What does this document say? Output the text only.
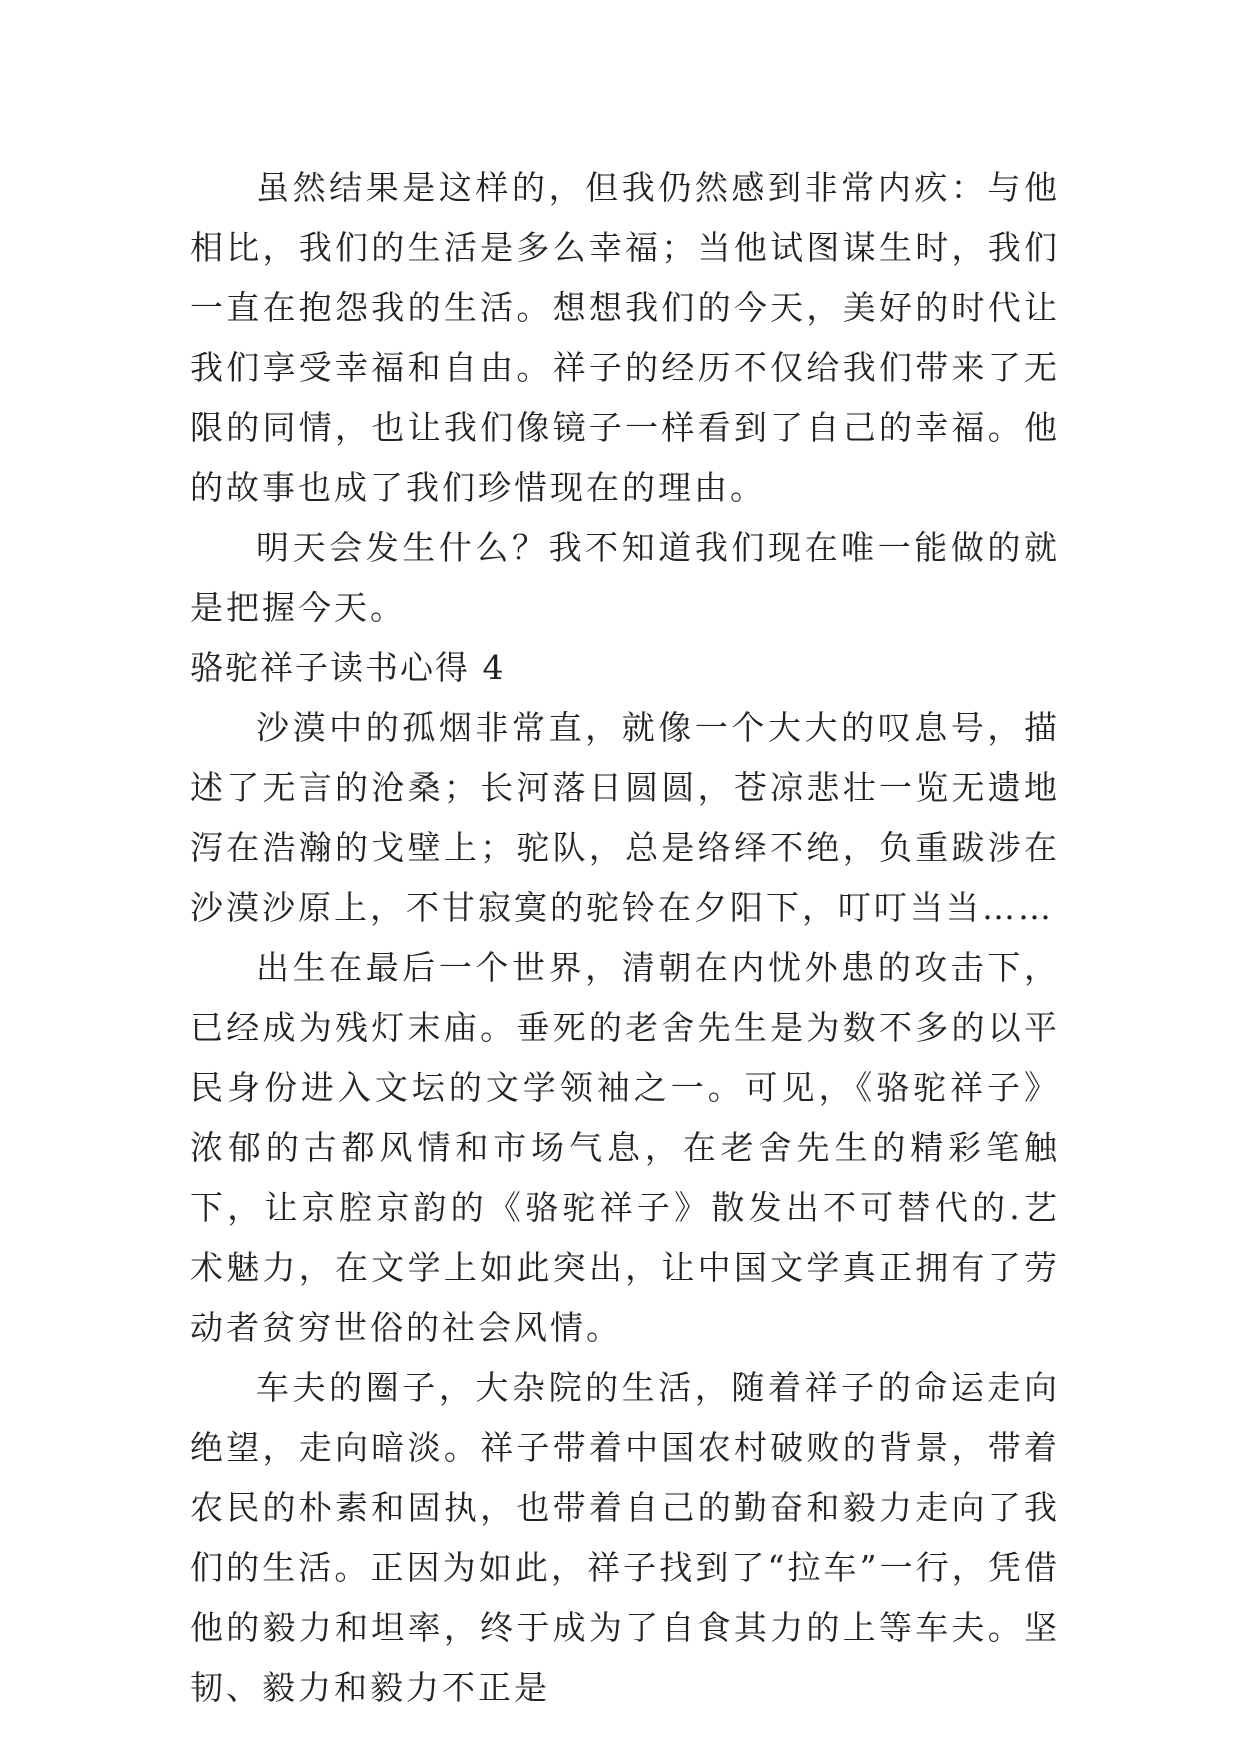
虽然结果是这样的，但我仍然感到非常内疚：与他相比，我们的生活是多么幸福；当他试图谋生时，我们一直在抱怨我的生活。想想我们的今天，美好的时代让我们享受幸福和自由。祥子的经历不仅给我们带来了无限的同情，也让我们像镜子一样看到了自己的幸福。他的故事也成了我们珍惜现在的理由。

明天会发生什么？我不知道我们现在唯一能做的就是把握今天。

骆驼祥子读书心得 4

沙漠中的孤烟非常直，就像一个大大的叹息号，描述了无言的沧桑；长河落日圆圆，苍凉悲壮一览无遗地泻在浩瀚的戈壁上；驼队，总是络绎不绝，负重跋涉在沙漠沙原上，不甘寂寞的驼铃在夕阳下，叮叮当当……

出生在最后一个世界，清朝在内忧外患的攻击下，已经成为残灯末庙。垂死的老舍先生是为数不多的以平民身份进入文坛的文学领袖之一。可见，《骆驼祥子》浓郁的古都风情和市场气息，在老舍先生的精彩笔触下，让京腔京韵的《骆驼祥子》散发出不可替代的.艺术魅力，在文学上如此突出，让中国文学真正拥有了劳动者贫穷世俗的社会风情。

车夫的圈子，大杂院的生活，随着祥子的命运走向绝望，走向暗淡。祥子带着中国农村破败的背景，带着农民的朴素和固执，也带着自己的勤奋和毅力走向了我们的生活。正因为如此，祥子找到了“拉车”一行，凭借他的毅力和坦率，终于成为了自食其力的上等车夫。坚韧、毅力和毅力不正是
